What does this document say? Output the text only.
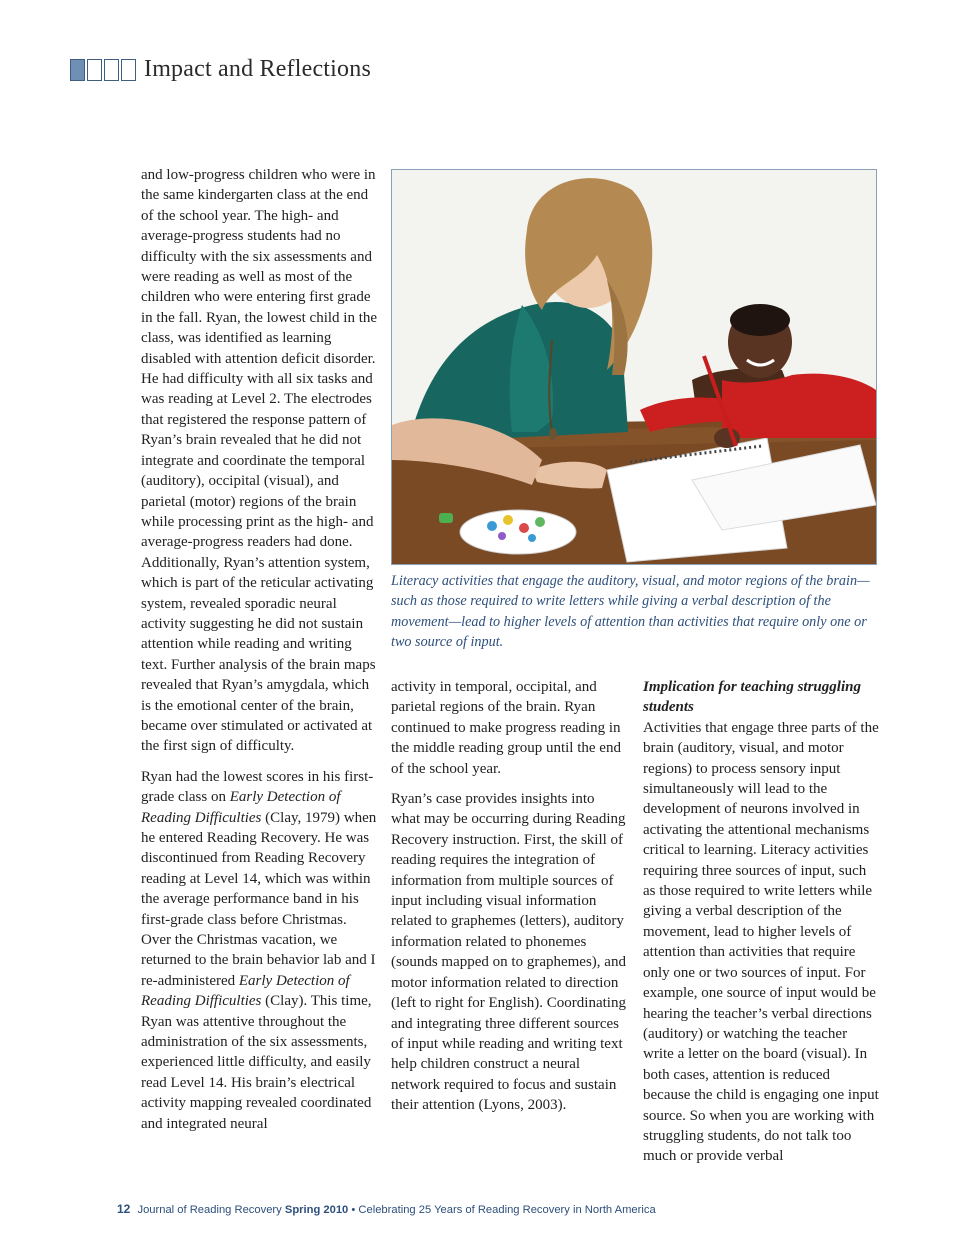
Impact and Reflections

and low-progress children who were in the same kindergarten class at the end of the school year. The high- and average-progress students had no difficulty with the six assessments and were reading as well as most of the children who were entering first grade in the fall. Ryan, the lowest child in the class, was identified as learning disabled with attention deficit disorder. He had difficulty with all six tasks and was reading at Level 2. The electrodes that registered the response pattern of Ryan’s brain revealed that he did not integrate and coordinate the temporal (auditory), occipital (visual), and parietal (motor) regions of the brain while processing print as the high- and average-progress readers had done. Additionally, Ryan’s attention system, which is part of the reticular activating system, revealed sporadic neural activity suggesting he did not sustain attention while reading and writing text. Further analysis of the brain maps revealed that Ryan’s amygdala, which is the emotional center of the brain, became over stimulated or activated at the first sign of difficulty.

Ryan had the lowest scores in his first-grade class on Early Detection of Reading Difficulties (Clay, 1979) when he entered Reading Recovery. He was discontinued from Reading Recovery reading at Level 14, which was within the average performance band in his first-grade class before Christmas. Over the Christmas vacation, we returned to the brain behavior lab and I re-administered Early Detection of Reading Difficulties (Clay). This time, Ryan was attentive throughout the administration of the six assessments, experienced little difficulty, and easily read Level 14. His brain’s electrical activity mapping revealed coordinated and integrated neural

Literacy activities that engage the auditory, visual, and motor regions of the brain—such as those required to write letters while giving a verbal description of the movement—lead to higher levels of attention than activities that require only one or two source of input.

activity in temporal, occipital, and parietal regions of the brain. Ryan continued to make progress reading in the middle reading group until the end of the school year.

Ryan’s case provides insights into what may be occurring during Reading Recovery instruction. First, the skill of reading requires the integration of information from multiple sources of input including visual information related to graphemes (letters), auditory information related to phonemes (sounds mapped on to graphemes), and motor information related to direction (left to right for English). Coordinating and integrating three different sources of input while reading and writing text help children construct a neural network required to focus and sustain their attention (Lyons, 2003).

Implication for teaching struggling students

Activities that engage three parts of the brain (auditory, visual, and motor regions) to process sensory input simultaneously will lead to the development of neurons involved in activating the attentional mechanisms critical to learning. Literacy activities requiring three sources of input, such as those required to write letters while giving a verbal description of the movement, lead to higher levels of attention than activities that require only one or two sources of input. For example, one source of input would be hearing the teacher’s verbal directions (auditory) or watching the teacher write a letter on the board (visual). In both cases, attention is reduced because the child is engaging one input source. So when you are working with struggling students, do not talk too much or provide verbal

12 Journal of Reading Recovery Spring 2010 • Celebrating 25 Years of Reading Recovery in North America
